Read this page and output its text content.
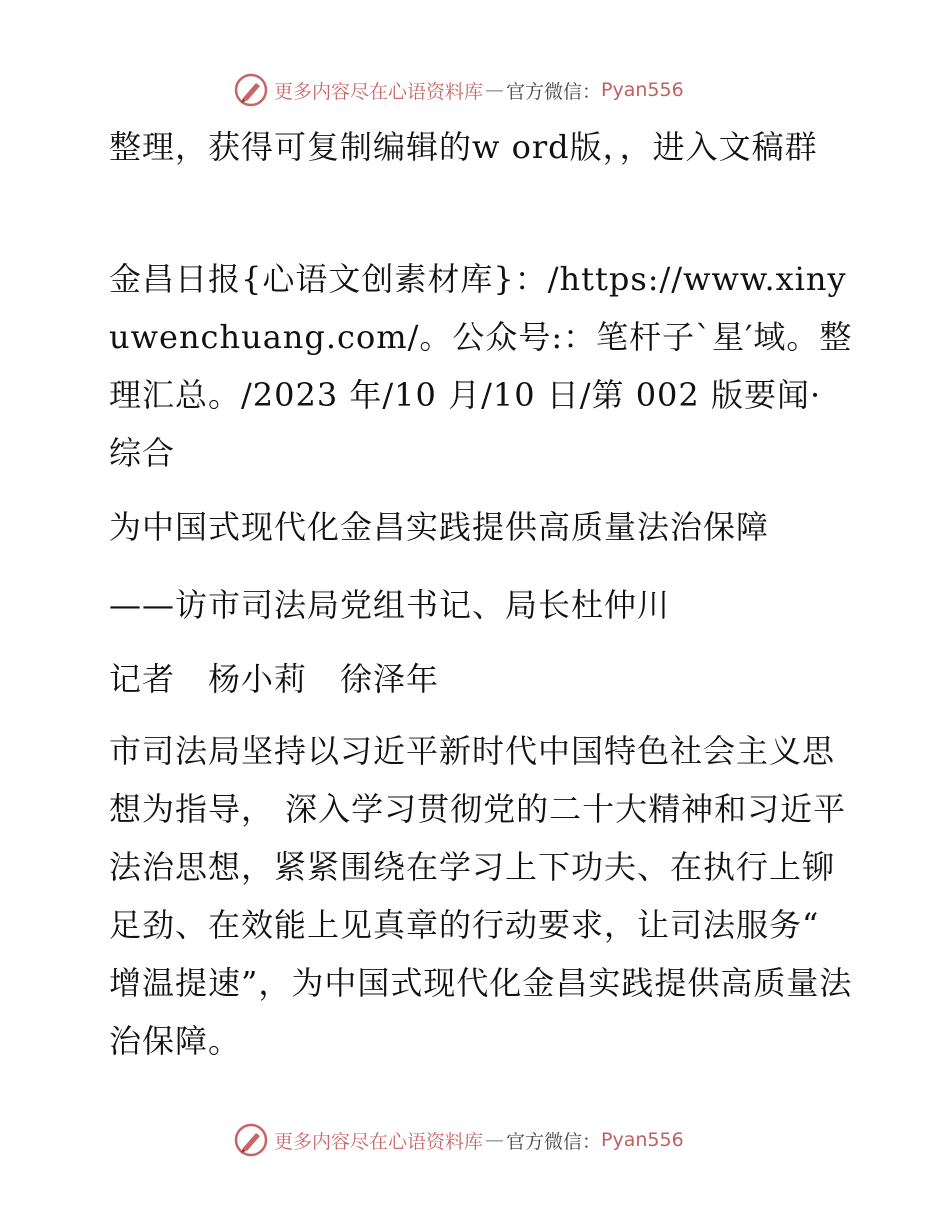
更多内容尽在心语资料库 — 官方微信： Pyan556

整理，获得可复制编辑的w ord版，，进入文稿群

金昌日报{心语文创素材库}：/https://www.xinyuwenchuang.com/。公众号:：笔杆子`星′域。整理汇总。/2023 年/10 月/10 日/第 002 版要闻· 综合

为中国式现代化金昌实践提供高质量法治保障

——访市司法局党组书记、局长杜仲川

记者　杨小莉　徐泽年

市司法局坚持以习近平新时代中国特色社会主义思想为指导， 深入学习贯彻党的二十大精神和习近平法治思想，紧紧围绕在学习上下功夫、在执行上铆足劲、在效能上见真章的行动要求，让司法服务“ 增温提速”，为中国式现代化金昌实践提供高质量法治保障。

更多内容尽在心语资料库 — 官方微信： Pyan556
